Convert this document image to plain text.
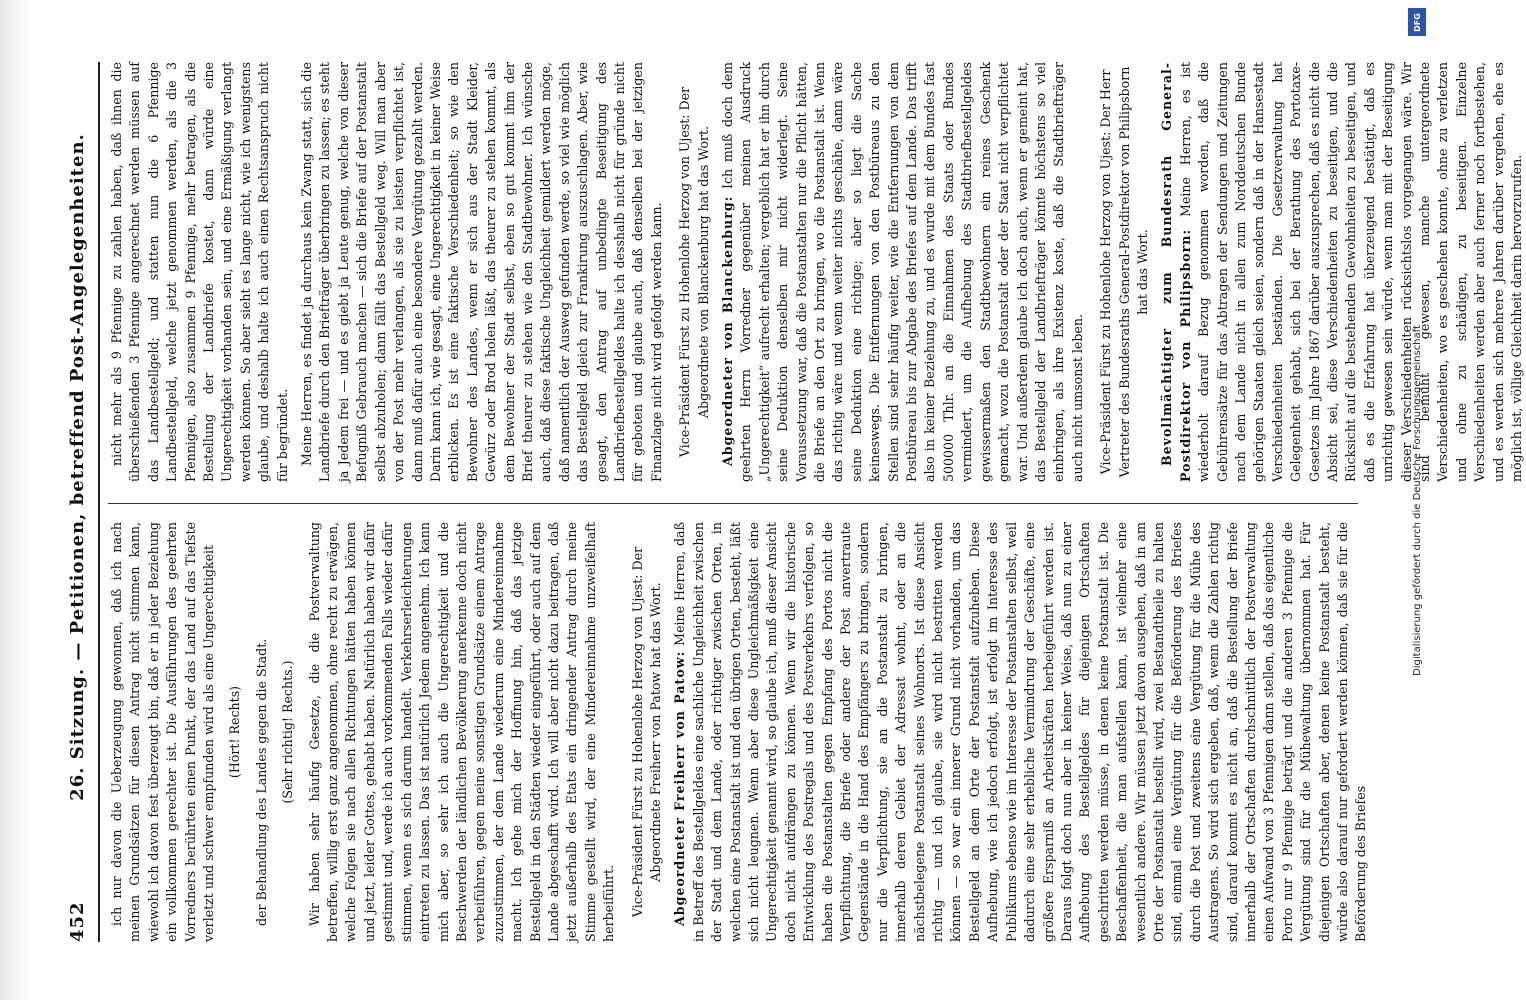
452
26. Sitzung. — Petitionen, betreffend Post-Angelegenheiten. ich nur davon die Ueberzeugung gewonnen, daß ich nach meinen Grundsätzen für diesen Antrag nicht stimmen kann, wiewohl ich davon fest überzeugt bin, daß er in jeder Beziehung ein vollkommen gerechter ist. Die Ausführungen des geehrten Vorredners berührten einen Punkt, der das Land auf das Tiefste verletzt und schwer empfunden wird als eine Ungerechtigkeit (Hört! Rechts) der Behandlung des Landes gegen die Stadt. (Sehr richtig! Rechts.) Wir haben sehr häufig Gesetze, die die Postverwaltung betreffen, willig erst ganz angenommen, ohne recht zu erwägen, welche Folgen sie nach allen Richtungen hätten haben können und jetzt, leider Gottes, gehabt haben. Natürlich haben wir dafür gestimmt und, werde ich auch vorkommenden Falls wieder dafür stimmen, wenn es sich darum handelt. Verkehrserleichterungen eintreten zu lassen. Das ist natürlich Jedem angenehm. Ich kann mich aber, so sehr ich auch die Ungerechtigkeit und die Beschwerden der ländlichen Bevölkerung anerkenne doch nicht verbeiführen, gegen meine sonstigen Grundsätze einem Antrage zuzustimmen, der dem Lande wiederum eine Mindereinnahme macht. Ich gehe mich der Hoffnung hin, daß das jetzige Bestellgeld in den Städten wieder eingeführt, oder auch auf dem Lande abgeschafft wird. Ich will aber nicht dazu beitragen, daß jetzt außerhalb des Etats ein dringender Antrag durch meine Stimme gestellt wird, der eine Mindereinnahme unzweifelhaft herbeiführt. Vice-Präsident Fürst zu Hohenlohe Herzog von Ujest: Der Abgeordnete Freiherr von Patow hat das Wort. Abgeordneter Freiherr von Patow: Meine Herren, daß in Betreff des Bestellgeldes eine sachliche Ungleichheit zwischen der Stadt und dem Lande, oder richtiger zwischen Orten, in welchen eine Postanstalt ist und den übrigen Orten, besteht, läßt sich nicht leugnen. Wenn aber diese Ungleichmäßigkeit eine Ungerechtigkeit genannt wird, so glaube ich, muß dieser Ansicht doch nicht aufdrängen zu können. Wenn wir die historische Entwicklung des Postregals und des Postverkehrs verfolgen, so haben die Postanstalten gegen Empfang des Portos nicht die Verpflichtung, die Briefe oder andere der Post anvertraute Gegenstände in die Hand des Empfängers zu bringen, sondern nur die Verpflichtung, sie an die Postanstalt zu bringen, innerhalb deren Gebiet der Adressat wohnt, oder an die nächstbelegene Postanstalt seines Wohnorts. Ist diese Ansicht richtig — und ich glaube, sie wird nicht bestritten werden können — so war ein innerer Grund nicht vorhanden, um das Bestellgeld an dem Orte der Postanstalt aufzuheben. Diese Aufhebung, wie ich jedoch erfolgt, ist erfolgt im Interesse des Publikums ebenso wie im Interesse der Postanstalten selbst, weil dadurch eine sehr erhebliche Vermindrung der Geschäfte, eine größere Ersparniß an Arbeitskräften herbeigeführt werden ist. Daraus folgt doch nun aber in keiner Weise, daß nun zu einer Aufhebung des Bestellgeldes für diejenigen Ortschaften geschritten werden müsse, in denen keine Postanstalt ist. Die Beschaffenheit, die man aufstellen kann, ist vielmehr eine wesentlich andere. Wir müssen jetzt davon ausgehen, daß in am Orte der Postanstalt bestellt wird, zwei Bestandtheile zu halten sind, einmal eine Vergütung für die Beförderung des Briefes durch die Post und zweitens eine Vergütung für die Mühe des Austragens. So wird sich ergeben, daß, wenn die Zahlen richtig sind, darauf kommt es nicht an, daß die Bestellung der Briefe innerhalb der Ortschaften durchschnittlich der Postverwaltung einen Aufwand von 3 Pfennigen dann stellen, daß das eigentliche Porto nur 9 Pfennige beträgt und die anderen 3 Pfennige die Vergütung sind für die Mühewaltung übernommen hat. Für diejenigen Ortschaften aber, denen keine Postanstalt besteht, würde also darauf nur gefordert werden können, daß sie für die Beförderung des Briefes

nicht mehr als 9 Pfennige zu zahlen haben, daß ihnen die überschießenden 3 Pfennige angerechnet werden müssen auf das Landbestellgeld; und statten nun die 6 Pfennige Landbestellgeld, welche jetzt genommen werden, als die 3 Pfennigen, also zusammen 9 Pfennige, mehr betragen, als die Bestellung der Landbriefe kostet, dann würde eine Ungerechtigkeit vorhanden sein, und eine Ermäßigung verlangt werden können. So aber sieht es lange nicht, wie ich wenigstens glaube, und deshalb halte ich auch einen Rechtsanspruch nicht für begründet. Meine Herren, es findet ja durchaus kein Zwang statt, sich die Landbriefe durch den Briefträger überbringen zu lassen; es steht ja Jedem frei — und es giebt ja Leute genug, welche von dieser Befugniß Gebrauch machen — sich die Briefe auf der Postanstalt selbst abzuholen; dann fällt das Bestellgeld weg. Will man aber von der Post mehr verlangen, als sie zu leisten verpflichtet ist, dann muß dafür auch eine besondere Vergütung gezahlt werden. Darin kann ich, wie gesagt, eine Ungerechtigkeit in keiner Weise erblicken. Es ist eine faktische Verschiedenheit; so wie den Bewohner des Landes, wenn er sich aus der Stadt Kleider, Gewürz oder Brod holen läßt, das theurer zu stehen kommt, als dem Bewohner der Stadt selbst, eben so gut kommt ihm der Brief theurer zu stehen wie den Stadtbewohner. Ich wünsche auch, daß diese faktische Ungleichheit gemildert werden möge, daß namentlich der Ausweg gefunden werde, so viel wie möglich das Bestellgeld gleich zur Frankirung auszuschlagen. Aber, wie gesagt, den Antrag auf unbedingte Beseitigung des Landbriefbestellgeldes halte ich desshalb nicht für gründe nicht für geboten und glaube auch, daß denselben bei der jetzigen Finanzlage nicht wird gefolgt werden kann. Vice-Präsident Fürst zu Hohenlohe Herzog von Ujest: Der Abgeordnete von Blanckenburg hat das Wort. Abgeordneter von Blanckenburg: Ich muß doch dem geehrten Herrn Vorredner gegenüber meinen Ausdruck „Ungerechtigkeit“ aufrecht erhalten; vergeblich hat er ihn durch seine Deduktion denselben mir nicht widerlegt. Seine Voraussetzung war, daß die Postanstalten nur die Pflicht hätten, die Briefe an den Ort zu bringen, wo die Postanstalt ist. Wenn das richtig wäre und wenn weiter nichts geschähe, dann wäre seine Deduktion eine richtige; aber so liegt die Sache keineswegs. Die Entfernungen von den Postbüreaus zu den Stellen sind sehr häufig weiter, wie die Entfernungen von dem Postbüreau bis zur Abgabe des Briefes auf dem Lande. Das trifft also in keiner Beziehung zu, und es wurde mit dem Bundes fast 500000 Thlr. an die Einnahmen des Staats oder Bundes vermindert, um die Aufhebung des Stadtbriefbestellgeldes gewissermaßen den Stadtbewohnern ein reines Geschenk gemacht, wozu die Postanstalt oder der Staat nicht verpflichtet war. Und außerdem glaube ich doch auch, wenn er gemeint hat, das Bestellgeld der Landbriefträger könnte höchstens so viel einbringen, als ihre Existenz koste, daß die Stadtbriefträger auch nicht umsonst leben. Vice-Präsident Fürst zu Hohenlohe Herzog von Ujest: Der Herr Vertreter des Bundesraths General-Postdirektor von Philipsborn hat das Wort. Bevollmächtigter zum Bundesrath General-Postdirektor von Philipsborn: Meine Herren, es ist wiederholt darauf Bezug genommen worden, daß die Gebührensätze für das Abtragen der Sendungen und Zeitungen nach dem Lande nicht in allen zum Norddeutschen Bunde gehörigen Staaten gleich seien, sondern daß in der Hansestadt Verschiedenheiten beständen. Die Gesetzverwaltung hat Gelegenheit gehabt, sich bei der Berathung des Portotaxe-Gesetzes im Jahre 1867 darüber auszusprechen, daß es nicht die Absicht sei, diese Verschiedenheiten zu beseitigen, und die Rücksicht auf die bestehenden Gewohnheiten zu beseitigen, und daß es die Erfahrung hat überzeugend bestätigt, daß es unrichtig gewesen sein würde, wenn man mit der Beseitigung dieser Verschiedenheiten rücksichtslos vorgegangen wäre. Wir sind bemüht gewesen, manche untergeordnete Verschiedenheiten, wo es geschehen konnte, ohne zu verletzen und ohne zu schädigen, zu beseitigen. Einzelne Verschiedenheiten werden aber auch ferner noch fortbestehen, und es werden sich mehrere Jahren darüber vergehen, ehe es möglich ist, völlige Gleichheit darin hervorzurufen.

Digitalisierung gefördert durch die Deutsche Forschungsgemeinschaft
DFG
